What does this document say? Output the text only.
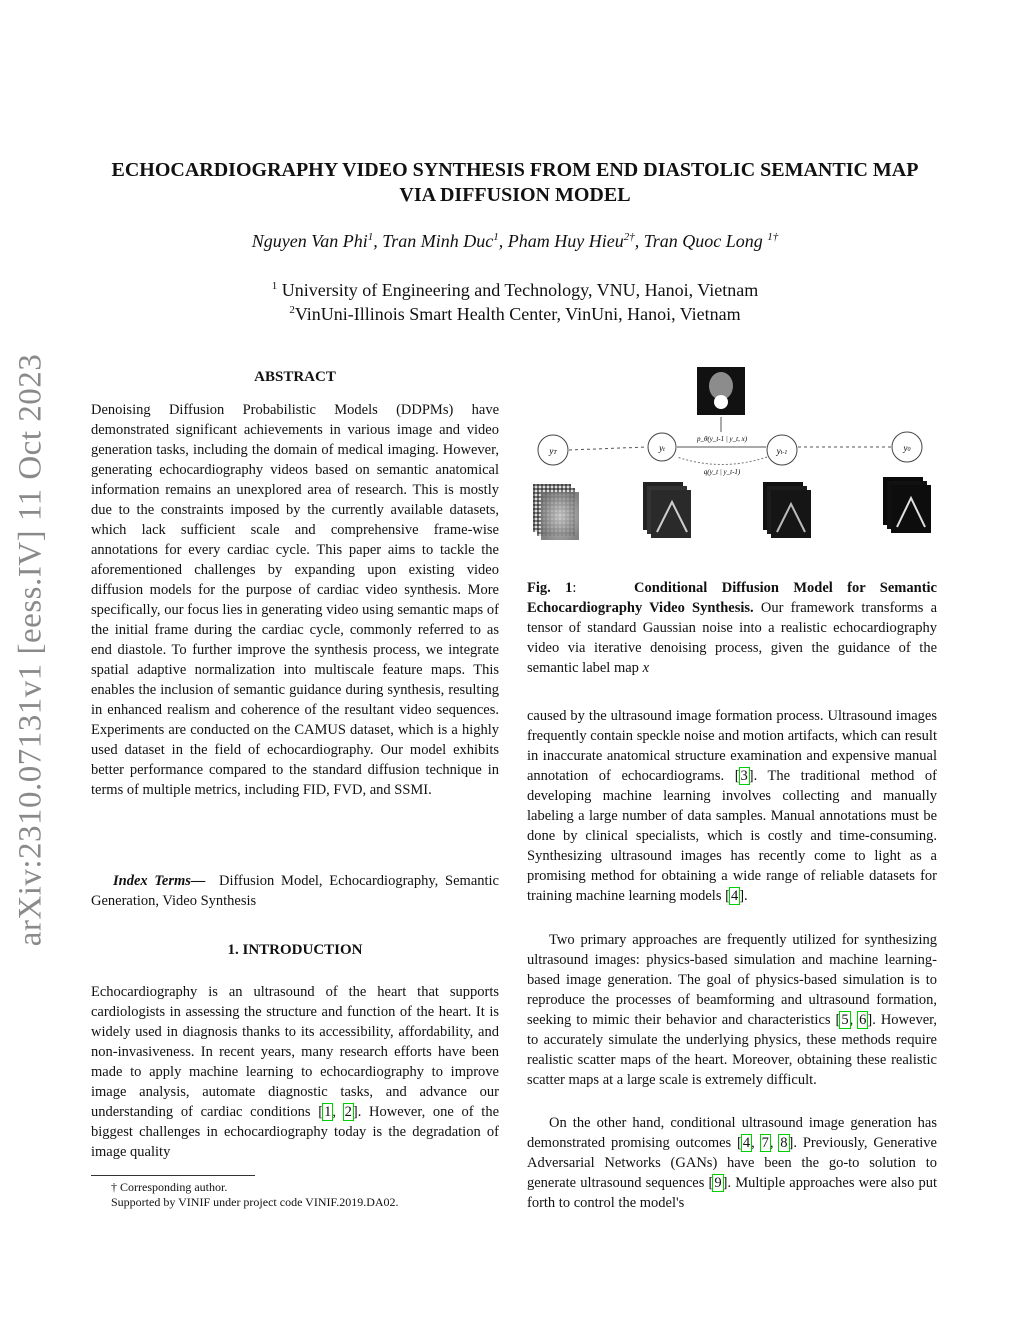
arXiv:2310.07131v1 [eess.IV] 11 Oct 2023
ECHOCARDIOGRAPHY VIDEO SYNTHESIS FROM END DIASTOLIC SEMANTIC MAP
VIA DIFFUSION MODEL
Nguyen Van Phi$^1$, Tran Minh Duc$^1$, Pham Huy Hieu$^{2\dagger}$, Tran Quoc Long $^{1\dagger}$
$^1$ University of Engineering and Technology, VNU, Hanoi, Vietnam
$^2$VinUni-Illinois Smart Health Center, VinUni, Hanoi, Vietnam
ABSTRACT
Denoising Diffusion Probabilistic Models (DDPMs) have demonstrated significant achievements in various image and video generation tasks, including the domain of medical imaging. However, generating echocardiography videos based on semantic anatomical information remains an unexplored area of research. This is mostly due to the constraints imposed by the currently available datasets, which lack sufficient scale and comprehensive frame-wise annotations for every cardiac cycle. This paper aims to tackle the aforementioned challenges by expanding upon existing video diffusion models for the purpose of cardiac video synthesis. More specifically, our focus lies in generating video using semantic maps of the initial frame during the cardiac cycle, commonly referred to as end diastole. To further improve the synthesis process, we integrate spatial adaptive normalization into multiscale feature maps. This enables the inclusion of semantic guidance during synthesis, resulting in enhanced realism and coherence of the resultant video sequences. Experiments are conducted on the CAMUS dataset, which is a highly used dataset in the field of echocardiography. Our model exhibits better performance compared to the standard diffusion technique in terms of multiple metrics, including FID, FVD, and SSMI.
Index Terms— Diffusion Model, Echocardiography, Semantic Generation, Video Synthesis
1. INTRODUCTION
Echocardiography is an ultrasound of the heart that supports cardiologists in assessing the structure and function of the heart. It is widely used in diagnosis thanks to its accessibility, affordability, and non-invasiveness. In recent years, many research efforts have been made to apply machine learning to echocardiography to improve image analysis, automate diagnostic tasks, and advance our understanding of cardiac conditions [1, 2]. However, one of the biggest challenges in echocardiography today is the degradation of image quality
† Corresponding author.
Supported by VINIF under project code VINIF.2019.DA02.
yT	yt	yt-1	y0
p_θ(y_t-1 | y_t, x)
q(y_t | y_t-1)
Fig. 1:    Conditional Diffusion Model for Semantic Echocardiography Video Synthesis. Our framework transforms a tensor of standard Gaussian noise into a realistic echocardiography video via iterative denoising process, given the guidance of the semantic label map x
caused by the ultrasound image formation process. Ultrasound images frequently contain speckle noise and motion artifacts, which can result in inaccurate anatomical structure examination and expensive manual annotation of echocardiograms. [3]. The traditional method of developing machine learning involves collecting and manually labeling a large number of data samples. Manual annotations must be done by clinical specialists, which is costly and time-consuming. Synthesizing ultrasound images has recently come to light as a promising method for obtaining a wide range of reliable datasets for training machine learning models [4].
Two primary approaches are frequently utilized for synthesizing ultrasound images: physics-based simulation and machine learning-based image generation. The goal of physics-based simulation is to reproduce the processes of beamforming and ultrasound formation, seeking to mimic their behavior and characteristics [5, 6]. However, to accurately simulate the underlying physics, these methods require realistic scatter maps of the heart. Moreover, obtaining these realistic scatter maps at a large scale is extremely difficult.
On the other hand, conditional ultrasound image generation has demonstrated promising outcomes [4, 7, 8]. Previously, Generative Adversarial Networks (GANs) have been the go-to solution to generate ultrasound sequences [9]. Multiple approaches were also put forth to control the model's
